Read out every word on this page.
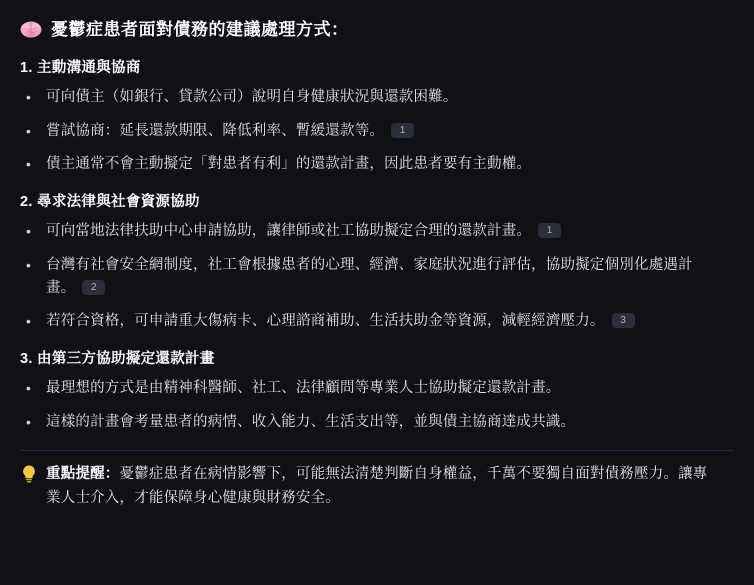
憂鬱症患者面對債務的建議處理方式：
1. 主動溝通與協商
•	可向債主（如銀行、貸款公司）說明自身健康狀況與還款困難。
•	嘗試協商：延長還款期限、降低利率、暫緩還款等。 1
•	債主通常不會主動擬定「對患者有利」的還款計畫，因此患者要有主動權。
2. 尋求法律與社會資源協助
•	可向當地法律扶助中心申請協助，讓律師或社工協助擬定合理的還款計畫。 1
•	台灣有社會安全網制度，社工會根據患者的心理、經濟、家庭狀況進行評估，協助擬定個別化處遇計畫。 2
•	若符合資格，可申請重大傷病卡、心理諮商補助、生活扶助金等資源，減輕經濟壓力。 3
3. 由第三方協助擬定還款計畫
•	最理想的方式是由精神科醫師、社工、法律顧問等專業人士協助擬定還款計畫。
•	這樣的計畫會考量患者的病情、收入能力、生活支出等，並與債主協商達成共識。
重點提醒：憂鬱症患者在病情影響下，可能無法清楚判斷自身權益，千萬不要獨自面對債務壓力。讓專業人士介入，才能保障身心健康與財務安全。
